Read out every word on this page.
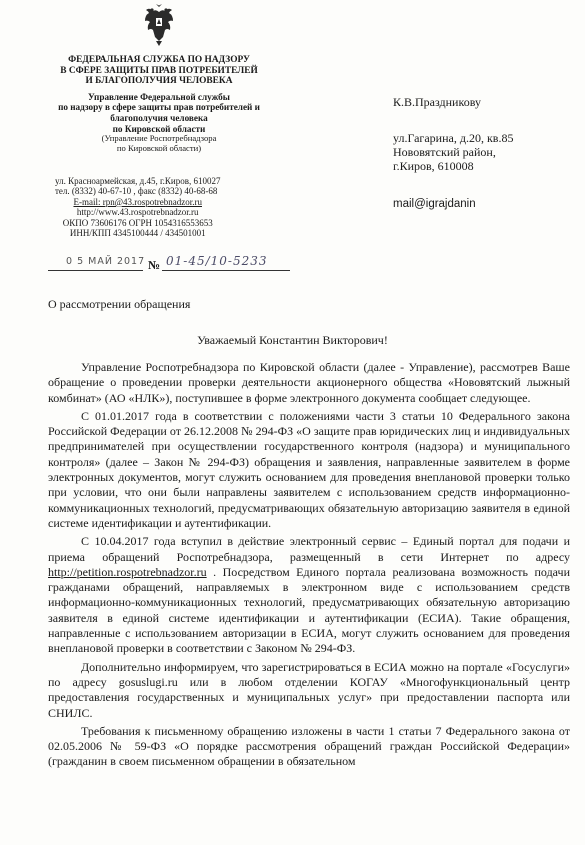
ФЕДЕРАЛЬНАЯ СЛУЖБА ПО НАДЗОРУ
В СФЕРЕ ЗАЩИТЫ ПРАВ ПОТРЕБИТЕЛЕЙ
И БЛАГОПОЛУЧИЯ ЧЕЛОВЕКА
Управление Федеральной службы
по надзору в сфере защиты прав потребителей и
благополучия человека
по Кировской области
(Управление Роспотребнадзора
по Кировской области)
ул. Красноармейская, д.45, г.Киров, 610027
тел. (8332) 40-67-10 , факс (8332) 40-68-68
E-mail: rpn@43.rospotrebnadzor.ru
http://www.43.rospotrebnadzor.ru
ОКПО 73606176 ОГРН 1054316553653
ИНН/КПП 4345100444 / 434501001
0 5 МАЙ 2017 № 01-45/10-5233
К.В.Праздникову
ул.Гагарина, д.20, кв.85
Нововятский район,
г.Киров, 610008
mail@igrajdanin
О рассмотрении обращения
Уважаемый Константин Викторович!

Управление Роспотребнадзора по Кировской области (далее - Управление), рассмотрев Ваше обращение о проведении проверки деятельности акционерного общества «Нововятский лыжный комбинат» (АО «НЛК»), поступившее в форме электронного документа сообщает следующее.

С 01.01.2017 года в соответствии с положениями части 3 статьи 10 Федерального закона Российской Федерации от 26.12.2008 № 294-ФЗ «О защите прав юридических лиц и индивидуальных предпринимателей при осуществлении государственного контроля (надзора) и муниципального контроля» (далее – Закон № 294-ФЗ) обращения и заявления, направленные заявителем в форме электронных документов, могут служить основанием для проведения внеплановой проверки только при условии, что они были направлены заявителем с использованием средств информационно-коммуникационных технологий, предусматривающих обязательную авторизацию заявителя в единой системе идентификации и аутентификации.

С 10.04.2017 года вступил в действие электронный сервис – Единый портал для подачи и приема обращений Роспотребнадзора, размещенный в сети Интернет по адресу http://petition.rospotrebnadzor.ru . Посредством Единого портала реализована возможность подачи гражданами обращений, направляемых в электронном виде с использованием средств информационно-коммуникационных технологий, предусматривающих обязательную авторизацию заявителя в единой системе идентификации и аутентификации (ЕСИА). Такие обращения, направленные с использованием авторизации в ЕСИА, могут служить основанием для проведения внеплановой проверки в соответствии с Законом № 294-ФЗ.

Дополнительно информируем, что зарегистрироваться в ЕСИА можно на портале «Госуслуги» по адресу gosuslugi.ru или в любом отделении КОГАУ «Многофункциональный центр предоставления государственных и муниципальных услуг» при предоставлении паспорта или СНИЛС.

Требования к письменному обращению изложены в части 1 статьи 7 Федерального закона от 02.05.2006 № 59-ФЗ «О порядке рассмотрения обращений граждан Российской Федерации» (гражданин в своем письменном обращении в обязательном
